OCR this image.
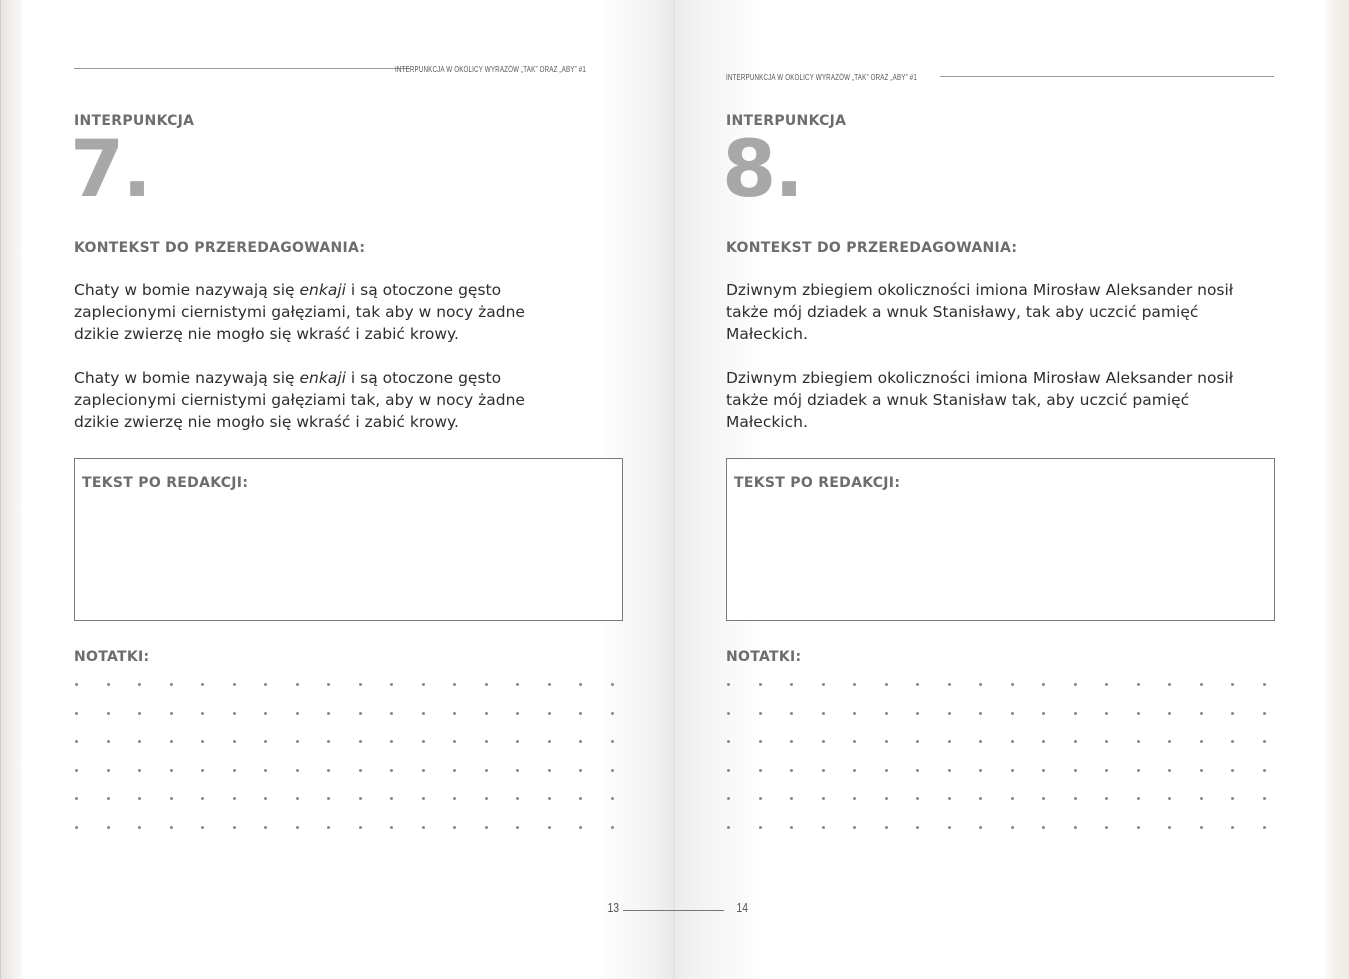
INTERPUNKCJA W OKOLICY WYRAZÓW „TAK” ORAZ „ABY” #1
INTERPUNKCJA W OKOLICY WYRAZÓW „TAK” ORAZ „ABY” #1
INTERPUNKCJA
7.
KONTEKST DO PRZEREDAGOWANIA:
Chaty w bomie nazywają się enkaji i są otoczone gęsto zaplecionymi ciernistymi gałęziami, tak aby w nocy żadne dzikie zwierzę nie mogło się wkraść i zabić krowy.
Chaty w bomie nazywają się enkaji i są otoczone gęsto zaplecionymi ciernistymi gałęziami tak, aby w nocy żadne dzikie zwierzę nie mogło się wkraść i zabić krowy.
TEKST PO REDAKCJI:
NOTATKI:
INTERPUNKCJA
8.
KONTEKST DO PRZEREDAGOWANIA:
Dziwnym zbiegiem okoliczności imiona Mirosław Aleksander nosił także mój dziadek a wnuk Stanisławy, tak aby uczcić pamięć Małeckich.
Dziwnym zbiegiem okoliczności imiona Mirosław Aleksander nosił także mój dziadek a wnuk Stanisław tak, aby uczcić pamięć Małeckich.
TEKST PO REDAKCJI:
NOTATKI:
13	14
